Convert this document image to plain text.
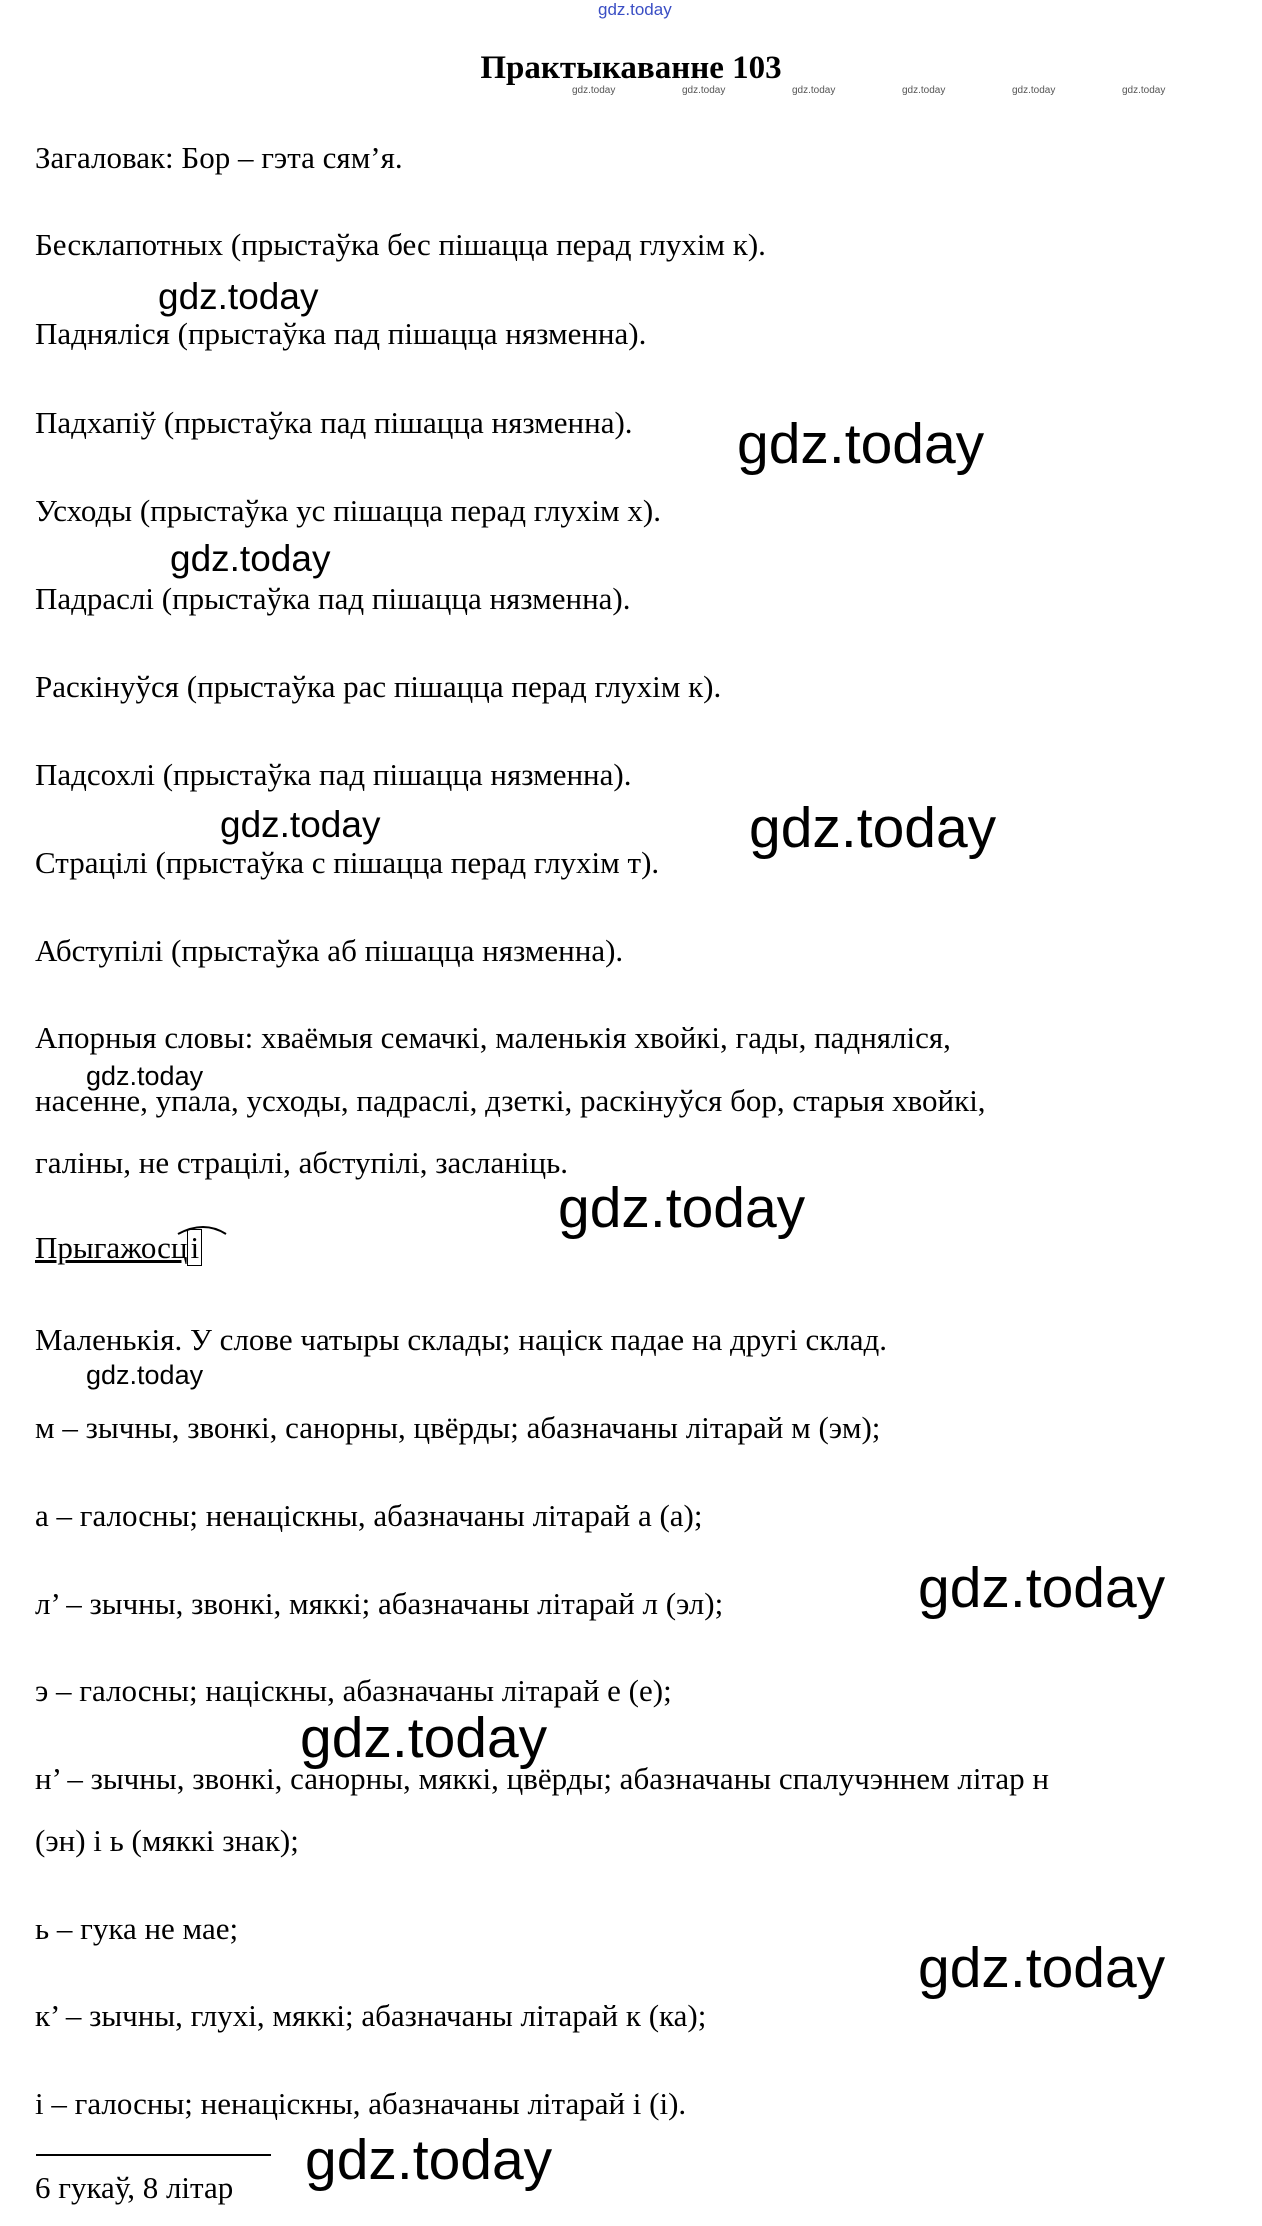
gdz.today
Практыкаванне 103
gdz.today	gdz.today	gdz.today	gdz.today	gdz.today	gdz.today
Загаловак: Бор – гэта сям’я.
Бесклапотных (прыстаўка бес пішацца перад глухім к).
Падняліся (прыстаўка пад пішацца нязменна).
Падхапіў (прыстаўка пад пішацца нязменна).
Усходы (прыстаўка ус пішацца перад глухім х).
Падраслі (прыстаўка пад пішацца нязменна).
Раскінуўся (прыстаўка рас пішацца перад глухім к).
Падсохлі (прыстаўка пад пішацца нязменна).
Страцілі (прыстаўка с пішацца перад глухім т).
Абступілі (прыстаўка аб пішацца нязменна).
Апорныя словы: хваёмыя семачкі, маленькія хвойкі, гады, падняліся,
насенне, упала, усходы, падраслі, дзеткі, раскінуўся бор, старыя хвойкі,
галіны, не страцілі, абступілі, засланіць.
Прыгажосці
Маленькія. У слове чатыры склады; націск падае на другі склад.
м – зычны, звонкі, санорны, цвёрды; абазначаны літарай м (эм);
а – галосны; ненаціскны, абазначаны літарай а (а);
л’ – зычны, звонкі, мяккі; абазначаны літарай л (эл);
э – галосны; націскны, абазначаны літарай е (е);
н’ – зычны, звонкі, санорны, мяккі, цвёрды; абазначаны спалучэннем літар н
(эн) і ь (мяккі знак);
ь – гука не мае;
к’ – зычны, глухі, мяккі; абазначаны літарай к (ка);
і – галосны; ненаціскны, абазначаны літарай і (і).
6 гукаў, 8 літар
gdz.today
gdz.today
gdz.today
gdz.today	gdz.today
gdz.today
gdz.today
gdz.today
gdz.today
gdz.today
gdz.today
gdz.today
